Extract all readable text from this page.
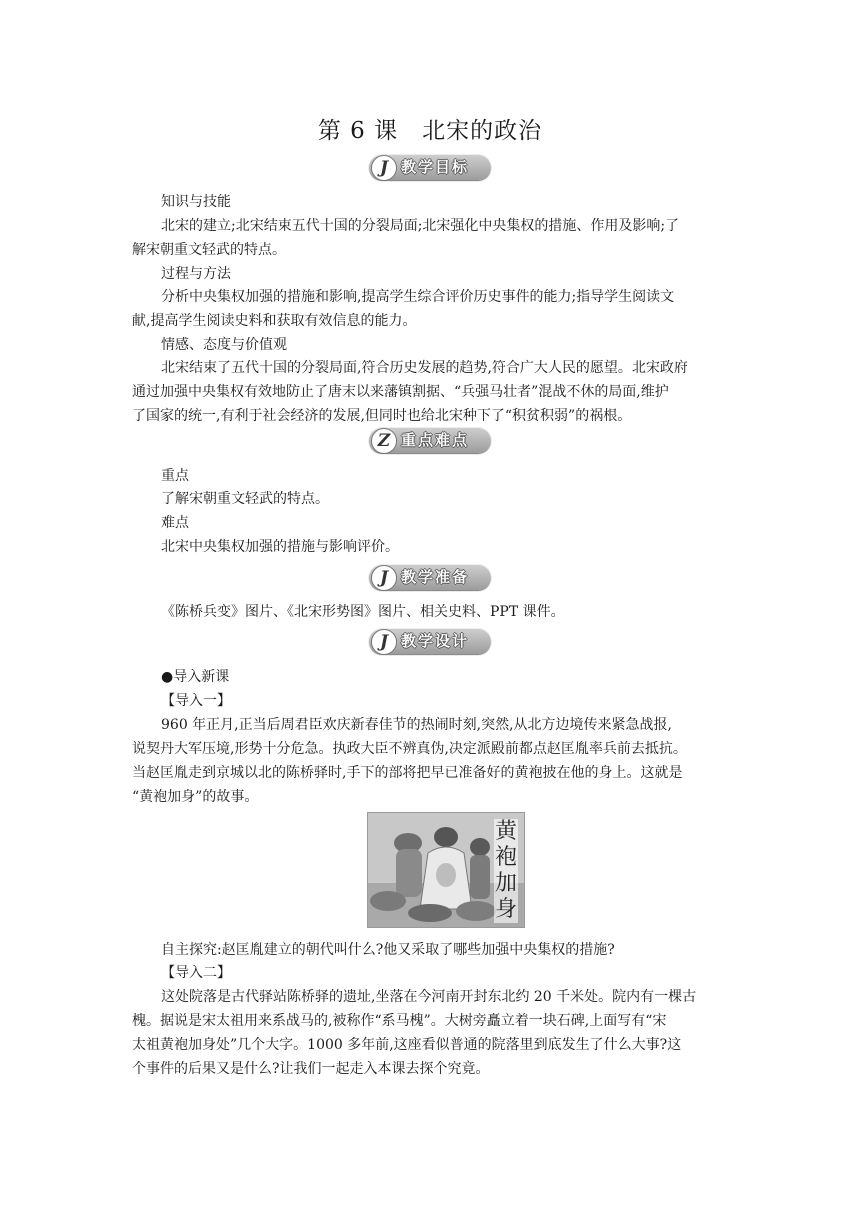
第 6 课　北宋的政治
J 教学目标
知识与技能
北宋的建立;北宋结束五代十国的分裂局面;北宋强化中央集权的措施、作用及影响;了
解宋朝重文轻武的特点。
过程与方法
分析中央集权加强的措施和影响,提高学生综合评价历史事件的能力;指导学生阅读文
献,提高学生阅读史料和获取有效信息的能力。
情感、态度与价值观
北宋结束了五代十国的分裂局面,符合历史发展的趋势,符合广大人民的愿望。北宋政府
通过加强中央集权有效地防止了唐末以来藩镇割据、“兵强马壮者”混战不休的局面,维护
了国家的统一,有利于社会经济的发展,但同时也给北宋种下了“积贫积弱”的祸根。
Z 重点难点
重点
了解宋朝重文轻武的特点。
难点
北宋中央集权加强的措施与影响评价。
J 教学准备
《陈桥兵变》图片、《北宋形势图》图片、相关史料、PPT 课件。
J 教学设计
●导入新课
【导入一】
960 年正月,正当后周君臣欢庆新春佳节的热闹时刻,突然,从北方边境传来紧急战报,
说契丹大军压境,形势十分危急。执政大臣不辨真伪,决定派殿前都点赵匡胤率兵前去抵抗。
当赵匡胤走到京城以北的陈桥驿时,手下的部将把早已准备好的黄袍披在他的身上。这就是
“黄袍加身”的故事。
黄袍加身
自主探究:赵匡胤建立的朝代叫什么?他又采取了哪些加强中央集权的措施?
【导入二】
这处院落是古代驿站陈桥驿的遗址,坐落在今河南开封东北约 20 千米处。院内有一棵古
槐。据说是宋太祖用来系战马的,被称作“系马槐”。大树旁矗立着一块石碑,上面写有“宋
太祖黄袍加身处”几个大字。1000 多年前,这座看似普通的院落里到底发生了什么大事?这
个事件的后果又是什么?让我们一起走入本课去探个究竟。
